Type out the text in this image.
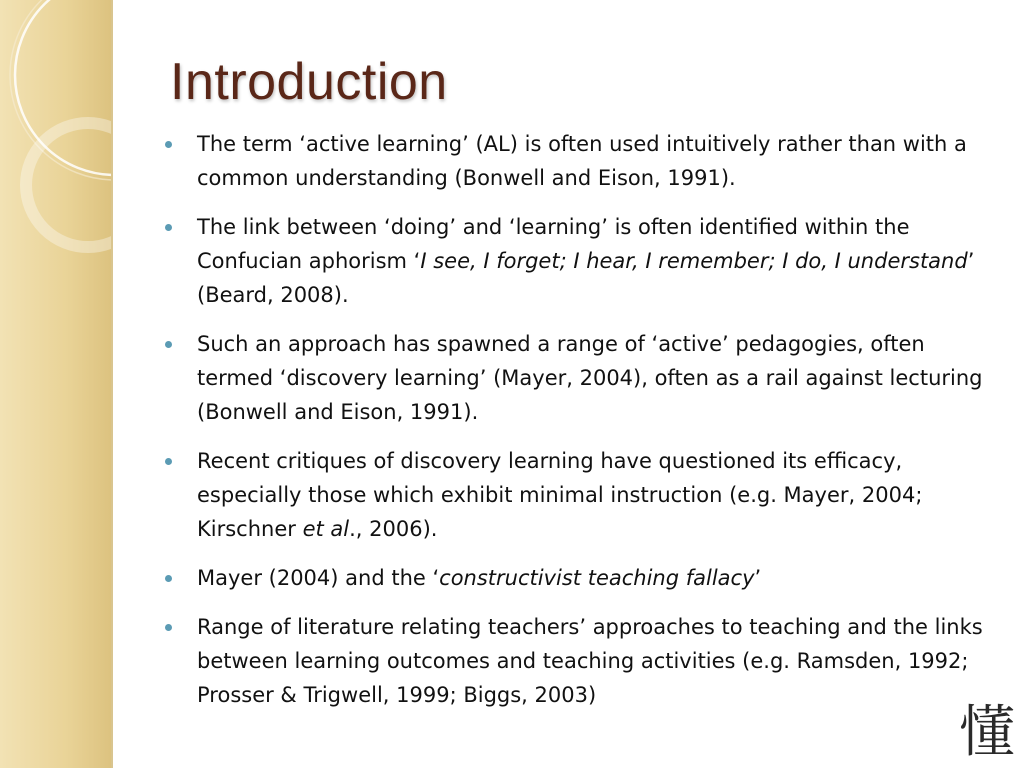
Introduction
The term ‘active learning’ (AL) is often used intuitively rather than with a common understanding (Bonwell and Eison, 1991).
The link between ‘doing’ and ‘learning’ is often identified within the Confucian aphorism ‘I see, I forget; I hear, I remember; I do, I understand’ (Beard, 2008).
Such an approach has spawned a range of ‘active’ pedagogies, often termed ‘discovery learning’ (Mayer, 2004), often as a rail against lecturing (Bonwell and Eison, 1991).
Recent critiques of discovery learning have questioned its efficacy, especially those which exhibit minimal instruction (e.g. Mayer, 2004; Kirschner et al., 2006).
Mayer (2004) and the ‘constructivist teaching fallacy’
Range of literature relating teachers’ approaches to teaching and the links between learning outcomes and teaching activities (e.g. Ramsden, 1992; Prosser & Trigwell, 1999; Biggs, 2003)
懂
